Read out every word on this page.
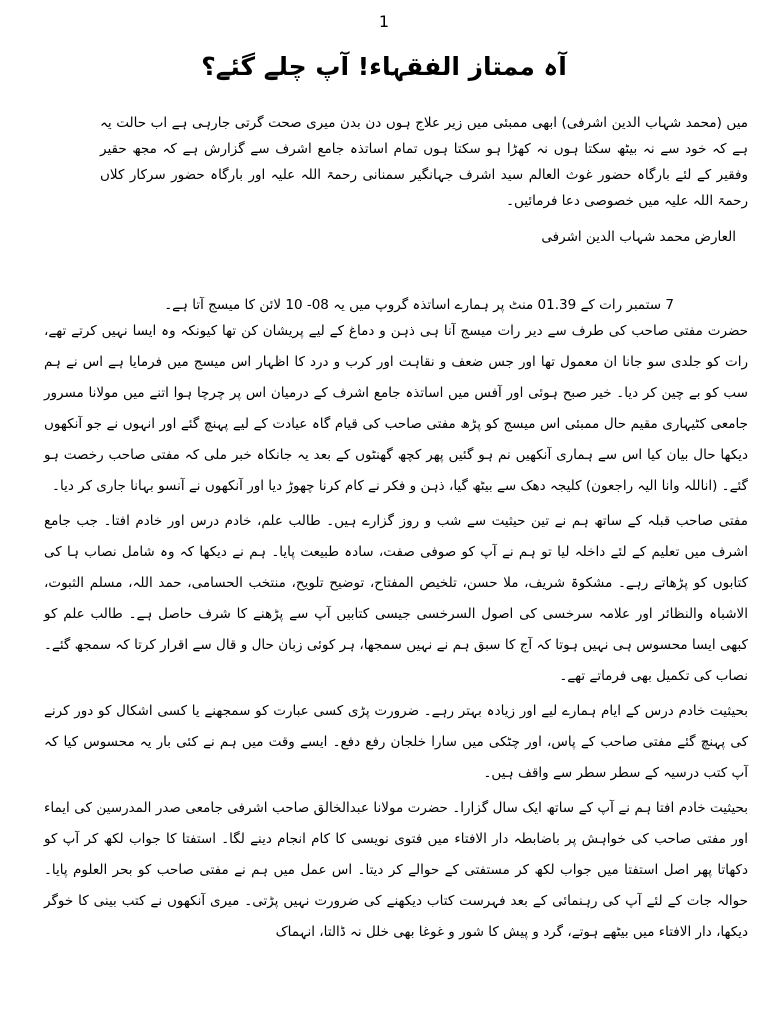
1
آہ ممتاز الفقہاء! آپ چلے گئے؟

میں (محمد شہاب الدین اشرفی) ابھی ممبئی میں زیر علاج ہوں دن بدن میری صحت گرتی جارہی ہے اب حالت یہ ہے کہ خود سے نہ بیٹھ سکتا ہوں نہ کھڑا ہو سکتا ہوں تمام اساتذہ جامع اشرف سے گزارش ہے کہ مجھ حقیر وفقیر کے لئے بارگاہ حضور غوث العالم سید اشرف جہانگیر سمنانی رحمۃ اللہ علیہ اور بارگاہ حضور سرکار کلاں رحمۃ اللہ علیہ میں خصوصی دعا فرمائیں۔

العارض محمد شہاب الدین اشرفی

7 ستمبر رات کے 01.39 منٹ پر ہمارے اساتذہ گروپ میں یہ 08- 10 لائن کا میسج آتا ہے۔

حضرت مفتی صاحب کی طرف سے دیر رات میسج آنا ہی ذہن و دماغ کے لیے پریشان کن تھا کیونکہ وہ ایسا نہیں کرتے تھے، رات کو جلدی سو جانا ان معمول تھا اور جس ضعف و نقاہت اور کرب و درد کا اظہار اس میسج میں فرمایا ہے اس نے ہم سب کو بے چین کر دیا۔ خیر صبح ہوئی اور آفس میں اساتذہ جامع اشرف کے درمیان اس پر چرچا ہوا اتنے میں مولانا مسرور جامعی کٹیہاری مقیم حال ممبئی اس میسج کو پڑھ مفتی صاحب کی قیام گاہ عیادت کے لیے پہنچ گئے اور انہوں نے جو آنکھوں دیکھا حال بیان کیا اس سے ہماری آنکھیں نم ہو گئیں پھر کچھ گھنٹوں کے بعد یہ جانکاہ خبر ملی کہ مفتی صاحب رخصت ہو گئے۔ (اناللہ وانا الیہ راجعون) کلیجہ دھک سے بیٹھ گیا، ذہن و فکر نے کام کرنا چھوڑ دیا اور آنکھوں نے آنسو بہانا جاری کر دیا۔

مفتی صاحب قبلہ کے ساتھ ہم نے تین حیثیت سے شب و روز گزارے ہیں۔ طالب علم، خادم درس اور خادم افتا۔ جب جامع اشرف میں تعلیم کے لئے داخلہ لیا تو ہم نے آپ کو صوفی صفت، سادہ طبیعت پایا۔ ہم نے دیکھا کہ وہ شامل نصاب ہا کی کتابوں کو پڑھاتے رہے۔ مشکوۃ شریف، ملا حسن، تلخیص المفتاح، توضیح تلویح، منتخب الحسامی، حمد اللہ، مسلم الثبوت، الاشباہ والنظائر اور علامہ سرخسی کی اصول السرخسی جیسی کتابیں آپ سے پڑھنے کا شرف حاصل ہے۔ طالب علم کو کبھی ایسا محسوس ہی نہیں ہوتا کہ آج کا سبق ہم نے نہیں سمجھا، ہر کوئی زبان حال و قال سے اقرار کرتا کہ سمجھ گئے۔ نصاب کی تکمیل بھی فرماتے تھے۔

بحیثیت خادم درس کے ایام ہمارے لیے اور زیادہ بہتر رہے۔ ضرورت پڑی کسی عبارت کو سمجھنے یا کسی اشکال کو دور کرنے کی پہنچ گئے مفتی صاحب کے پاس، اور چٹکی میں سارا خلجان رفع دفع۔ ایسے وقت میں ہم نے کئی بار یہ محسوس کیا کہ آپ کتب درسیہ کے سطر سطر سے واقف ہیں۔

بحیثیت خادم افتا ہم نے آپ کے ساتھ ایک سال گزارا۔ حضرت مولانا عبدالخالق صاحب اشرفی جامعی صدر المدرسین کی ایماء اور مفتی صاحب کی خواہش پر باضابطہ دار الافتاء میں فتوی نویسی کا کام انجام دینے لگا۔ استفتا کا جواب لکھ کر آپ کو دکھاتا پھر اصل استفتا میں جواب لکھ کر مستفتی کے حوالے کر دیتا۔ اس عمل میں ہم نے مفتی صاحب کو بحر العلوم پایا۔ حوالہ جات کے لئے آپ کی رہنمائی کے بعد فہرست کتاب دیکھنے کی ضرورت نہیں پڑتی۔ میری آنکھوں نے کتب بینی کا خوگر دیکھا، دار الافتاء میں بیٹھے ہوتے، گرد و پیش کا شور و غوغا بھی خلل نہ ڈالتا، انہماک
